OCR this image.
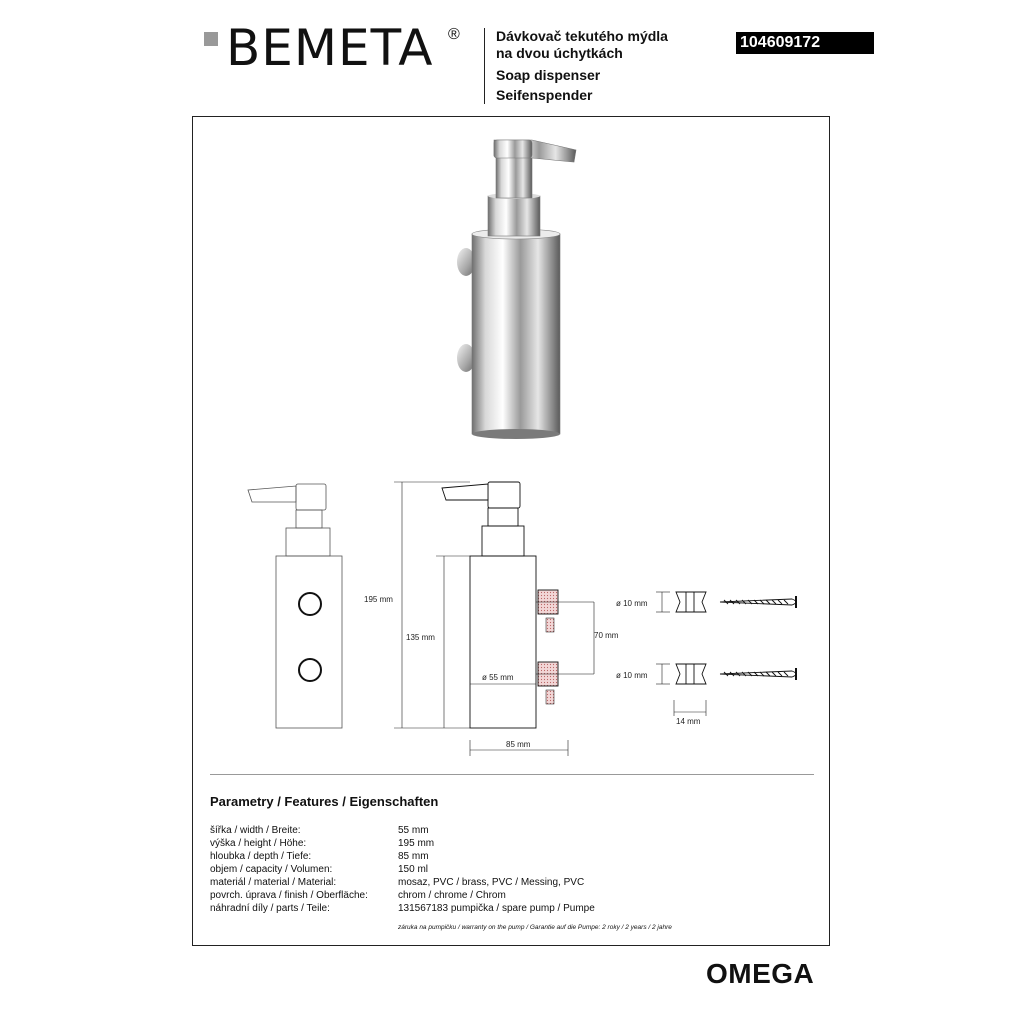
BEMETA ®	Dávkovač tekutého mýdla
na dvou úchytkách
Soap dispenser
Seifenspender
104609172
195 mm
135 mm
ø 55 mm
85 mm
ø 10 mm
ø 10 mm
70 mm
14 mm
Parametry / Features / Eigenschaften
šířka / width / Breite:	55 mm
výška / height / Höhe:	195 mm
hloubka / depth / Tiefe:	85 mm
objem / capacity / Volumen:	150 ml
materiál / material / Material:	mosaz, PVC / brass, PVC / Messing, PVC
povrch. úprava / finish / Oberfläche:	chrom / chrome / Chrom
náhradní díly / parts / Teile:	131567183 pumpička / spare pump / Pumpe
záruka na pumpičku / warranty on the pump / Garantie auf die Pumpe: 2 roky / 2 years / 2 jahre
OMEGA
